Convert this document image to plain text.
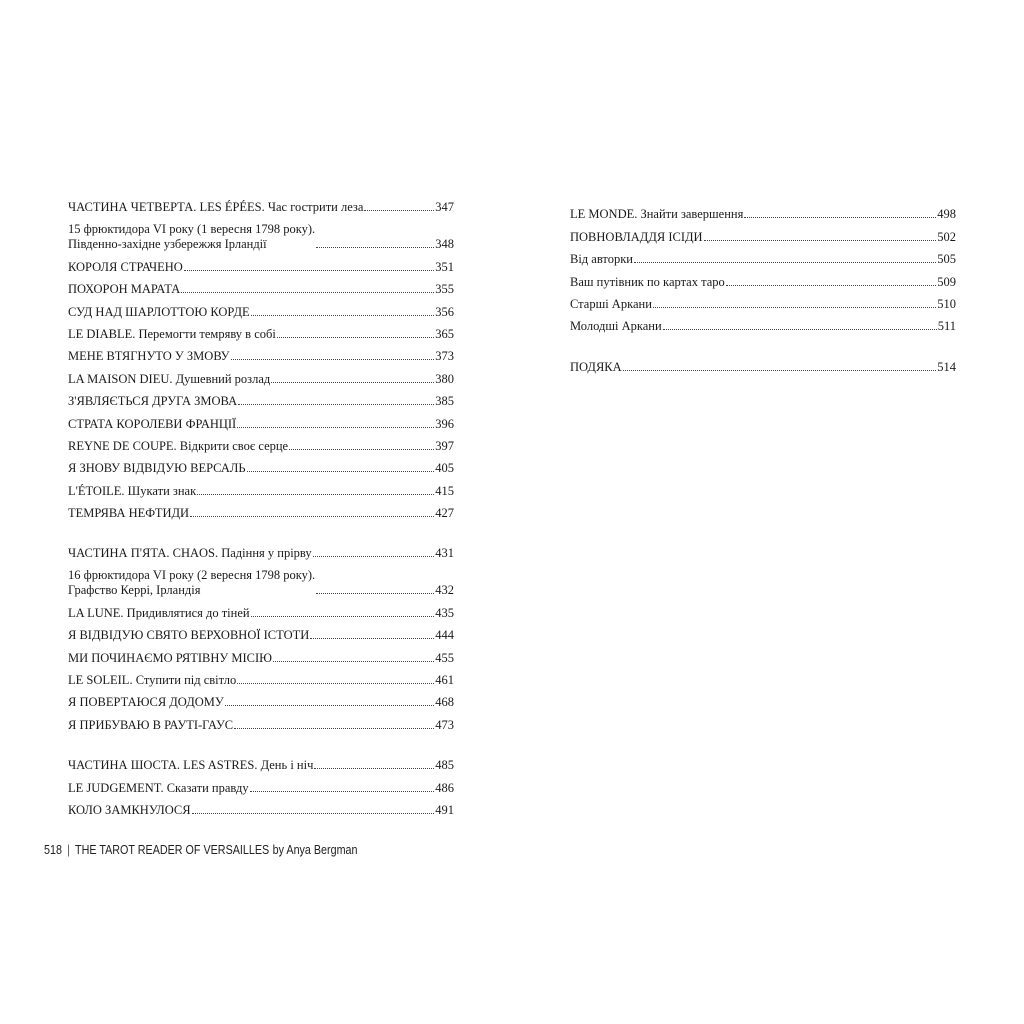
ЧАСТИНА ЧЕТВЕРТА. LES ÉPÉES. Час гострити леза	347
15 фрюктидора VI року (1 вересня 1798 року).
Південно-західне узбережжя Ірландії	348
КОРОЛЯ СТРАЧЕНО	351
ПОХОРОН МАРАТА	355
СУД НАД ШАРЛОТТОЮ КОРДЕ	356
LE DIABLE. Перемогти темряву в собі	365
МЕНЕ ВТЯГНУТО У ЗМОВУ	373
LA MAISON DIEU. Душевний розлад	380
З'ЯВЛЯЄТЬСЯ ДРУГА ЗМОВА	385
СТРАТА КОРОЛЕВИ ФРАНЦІЇ	396
REYNE DE COUPE. Відкрити своє серце	397
Я ЗНОВУ ВІДВІДУЮ ВЕРСАЛЬ	405
L'ÉTOILE. Шукати знак	415
ТЕМРЯВА НЕФТИДИ	427
ЧАСТИНА П'ЯТА. CHAOS. Падіння у прірву	431
16 фрюктидора VI року (2 вересня 1798 року).
Графство Керрі, Ірландія	432
LA LUNE. Придивлятися до тіней	435
Я ВІДВІДУЮ СВЯТО ВЕРХОВНОЇ ІСТОТИ	444
МИ ПОЧИНАЄМО РЯТІВНУ МІСІЮ	455
LE SOLEIL. Ступити під світло	461
Я ПОВЕРТАЮСЯ ДОДОМУ	468
Я ПРИБУВАЮ В РАУТІ-ГАУС	473
ЧАСТИНА ШОСТА. LES ASTRES. День і ніч	485
LE JUDGEMENT. Сказати правду	486
КОЛО ЗАМКНУЛОСЯ	491
LE MONDE. Знайти завершення	498
ПОВНОВЛАДДЯ ІСІДИ	502
Від авторки	505
Ваш путівник по картах таро	509
Старші Аркани	510
Молодші Аркани	511
ПОДЯКА	514
518 | THE TAROT READER OF VERSAILLES by Anya Bergman
